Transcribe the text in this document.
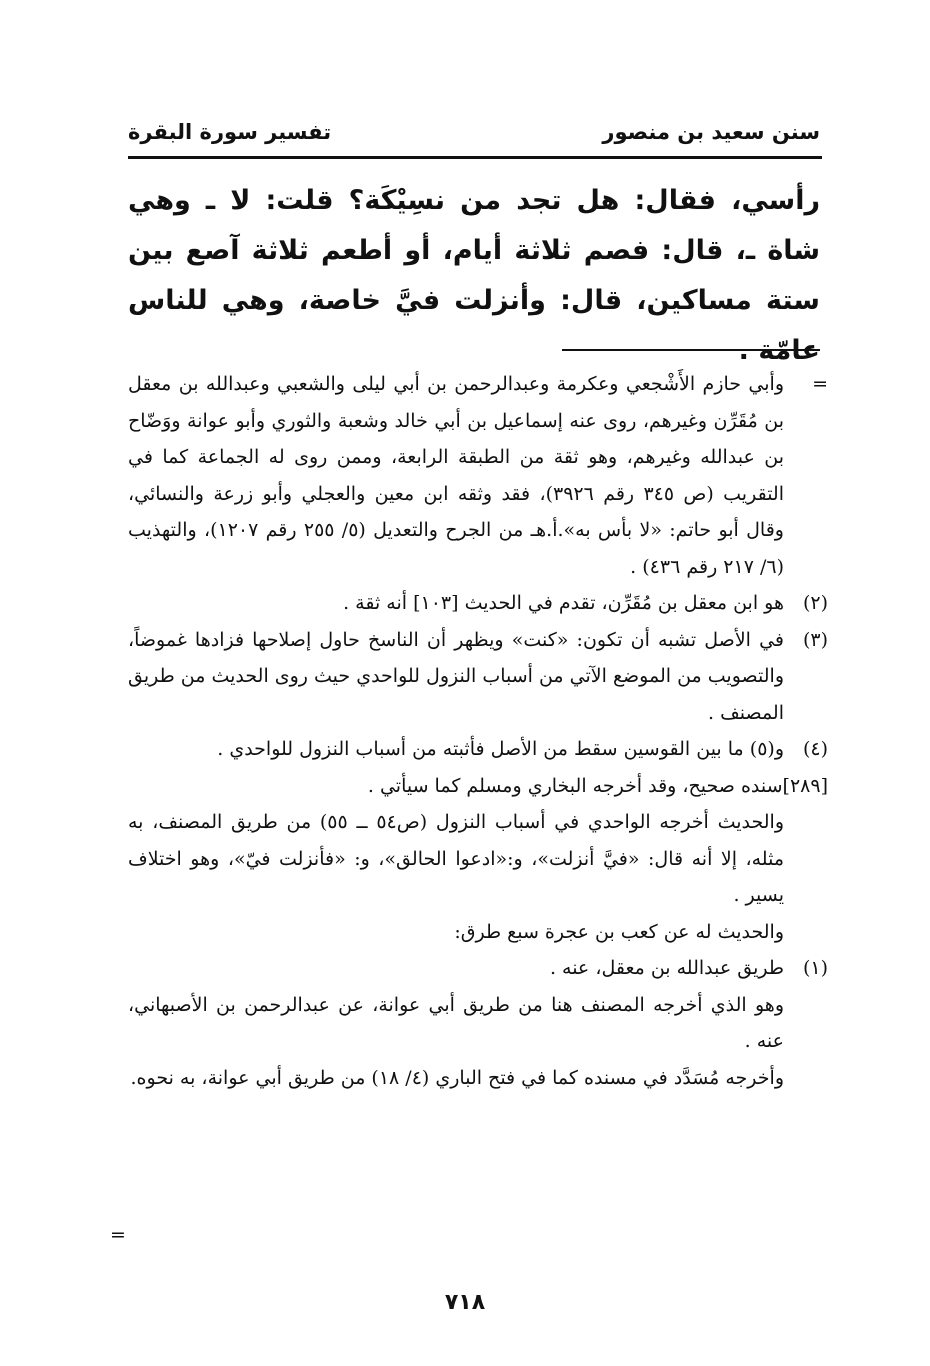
سنن سعيد بن منصور
تفسير سورة البقرة

رأسي، فقال: هل تجد من نسِيْكَة؟ قلت: لا ـ وهي شاة ـ، قال: فصم ثلاثة أيام، أو أطعم ثلاثة آصع بين ستة مساكين، قال: وأنزلت فيَّ خاصة، وهي للناس عامّة .

=

وأبي حازم الأَشْجعي وعكرمة وعبدالرحمن بن أبي ليلى والشعبي وعبدالله بن معقل بن مُقَرِّن وغيرهم، روى عنه إسماعيل بن أبي خالد وشعبة والثوري وأبو عوانة ووَضّاح بن عبدالله وغيرهم، وهو ثقة من الطبقة الرابعة، وممن روى له الجماعة كما في التقريب (ص ٣٤٥ رقم ٣٩٢٦)، فقد وثقه ابن معين والعجلي وأبو زرعة والنسائي، وقال أبو حاتم: «لا بأس به».أ.هـ من الجرح والتعديل (٥/ ٢٥٥ رقم ١٢٠٧)، والتهذيب (٦/ ٢١٧ رقم ٤٣٦) .

(٢)

هو ابن معقل بن مُقَرِّن، تقدم في الحديث [١٠٣] أنه ثقة .

(٣)

في الأصل تشبه أن تكون: «كنت» ويظهر أن الناسخ حاول إصلاحها فزادها غموضاً، والتصويب من الموضع الآتي من أسباب النزول للواحدي حيث روى الحديث من طريق المصنف .

(٤)

و(٥) ما بين القوسين سقط من الأصل فأثبته من أسباب النزول للواحدي .

[٢٨٩]سنده صحيح، وقد أخرجه البخاري ومسلم كما سيأتي .
والحديث أخرجه الواحدي في أسباب النزول (ص٥٤ ــ ٥٥) من طريق المصنف، به مثله، إلا أنه قال: «فيَّ أنزلت»، و:«ادعوا الحالق»، و: «فأنزلت فيّ»، وهو اختلاف يسير .
والحديث له عن كعب بن عجرة سبع طرق:
(١)

طريق عبدالله بن معقل، عنه .

وهو الذي أخرجه المصنف هنا من طريق أبي عوانة، عن عبدالرحمن بن الأصبهاني، عنه .
وأخرجه مُسَدَّد في مسنده كما في فتح الباري (٤/ ١٨) من طريق أبي عوانة، به نحوه.
=
٧١٨
